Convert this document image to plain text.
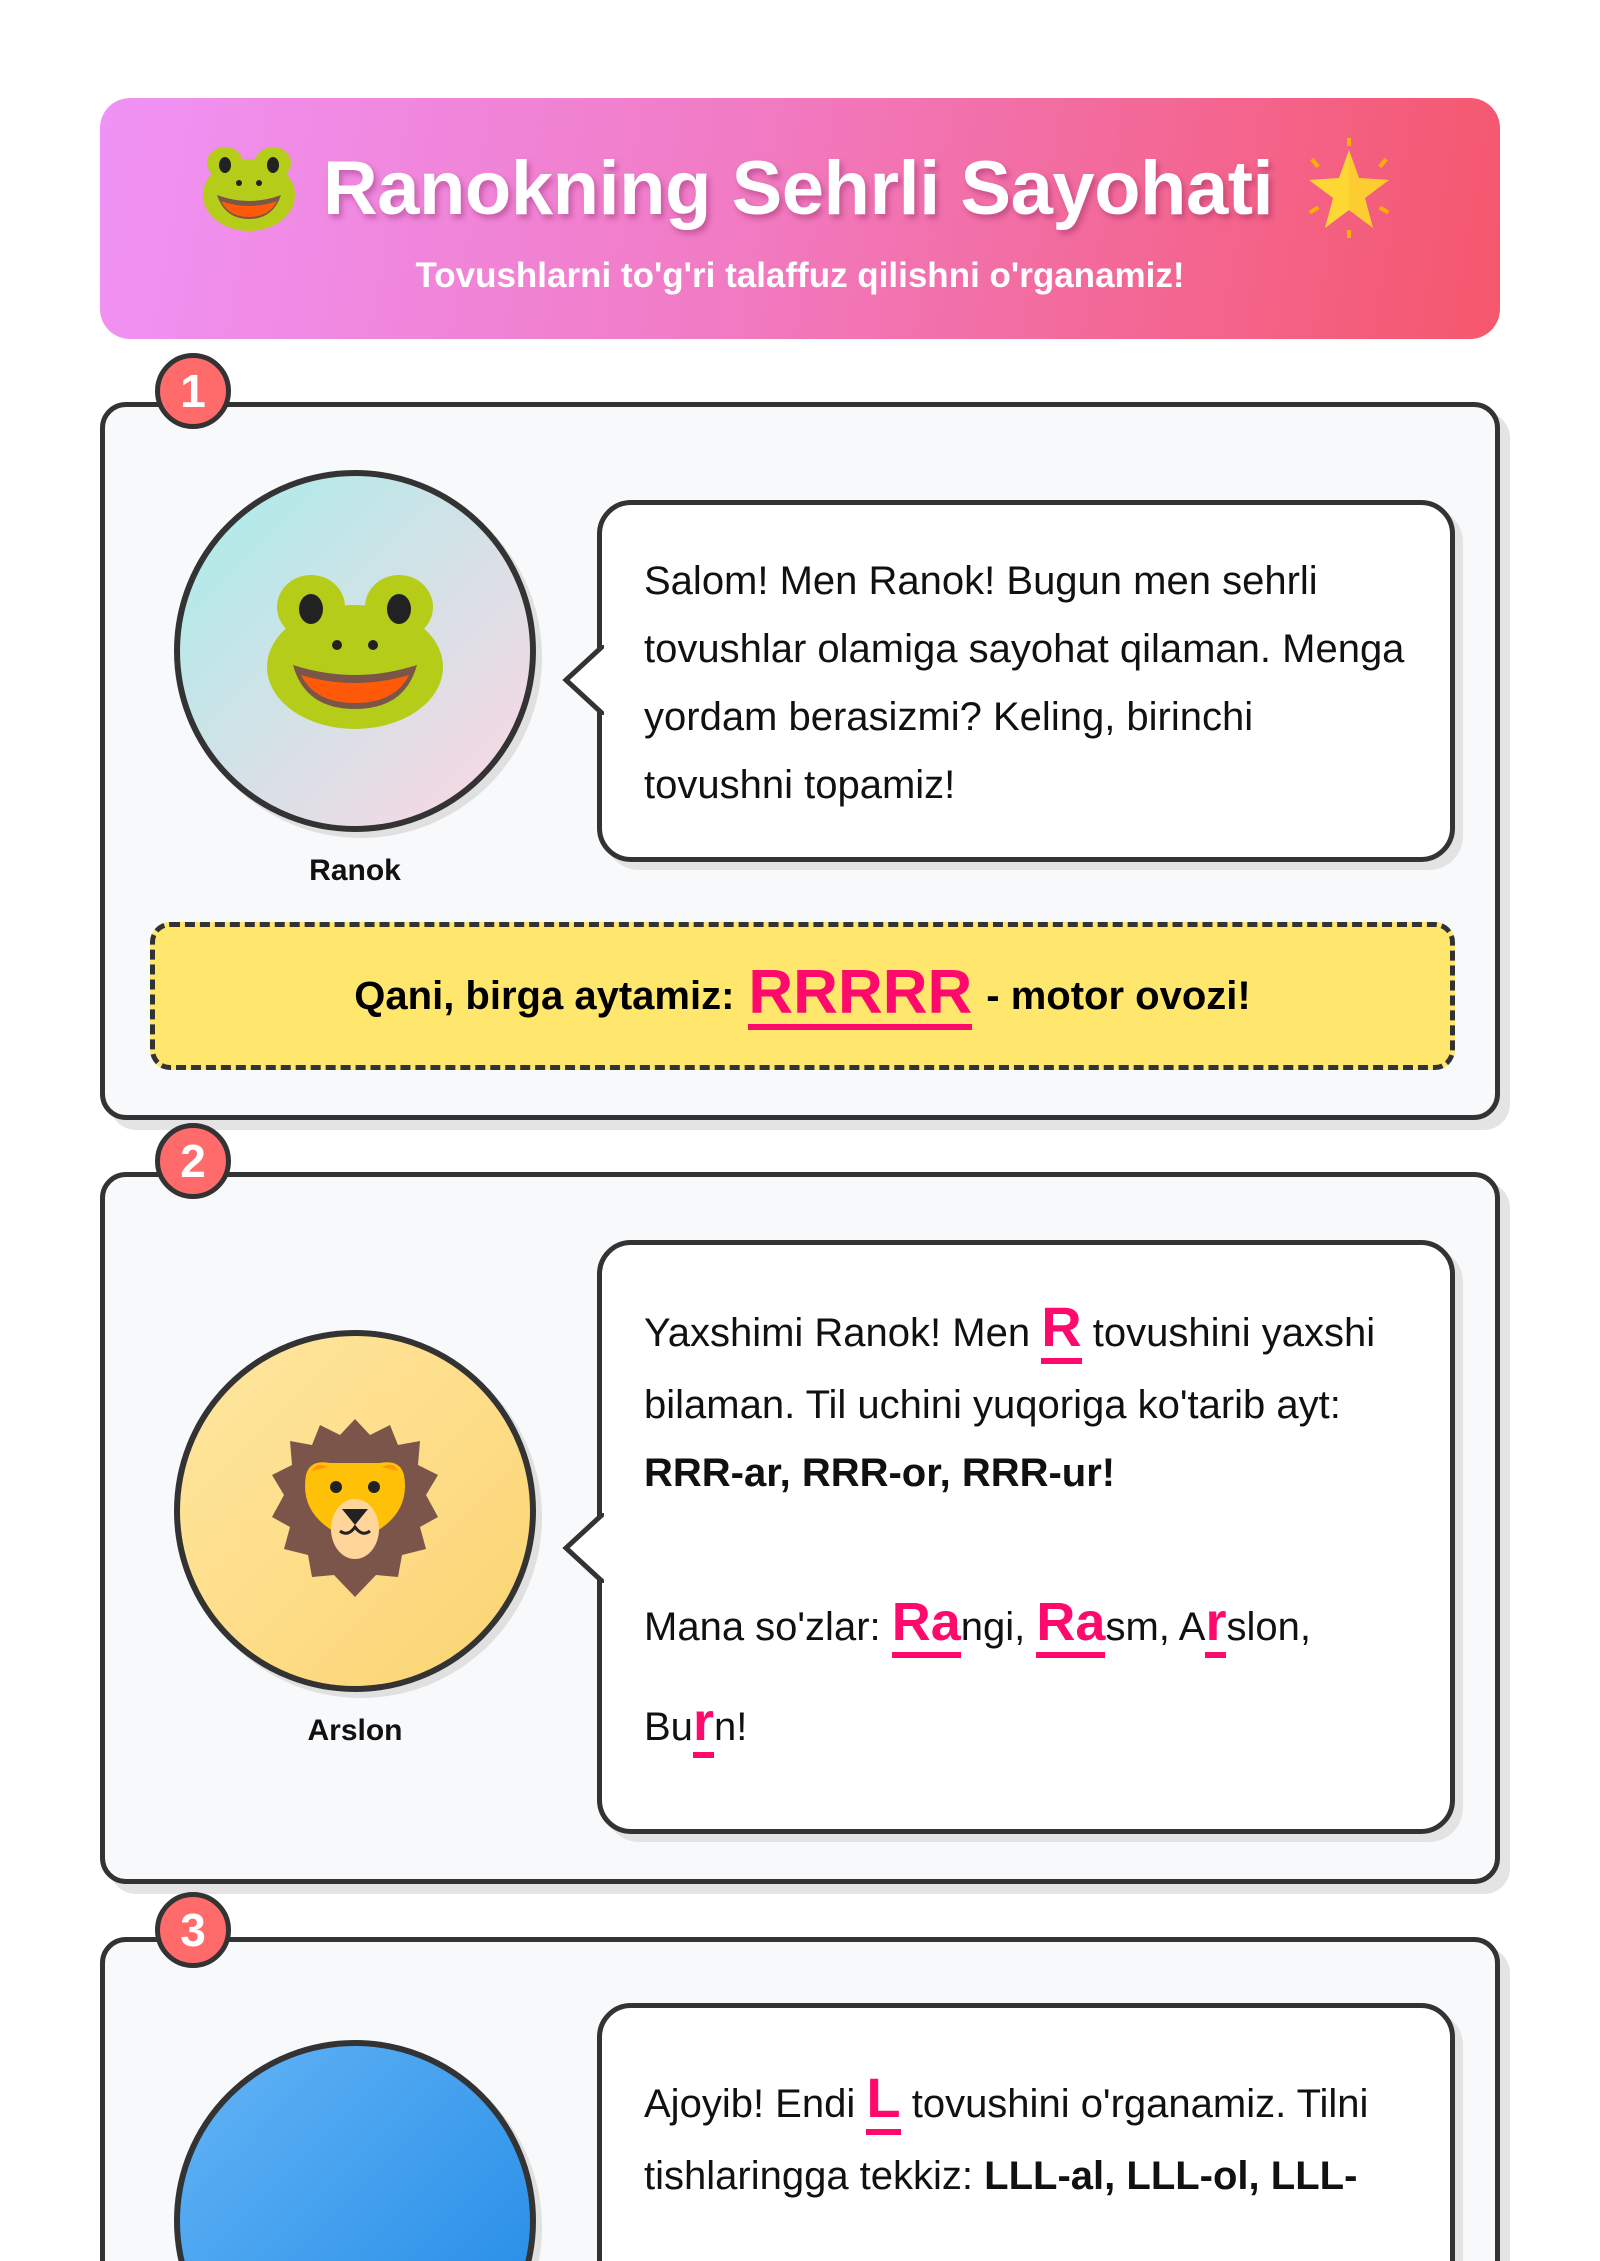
Ranokning Sehrli Sayohati
Tovushlarni to'g'ri talaffuz qilishni o'rganamiz!
1
Ranok
Salom! Men Ranok! Bugun men sehrli tovushlar olamiga sayohat qilaman. Menga yordam berasizmi? Keling, birinchi tovushni topamiz!
Qani, birga aytamiz: RRRRR - motor ovozi!
2
Arslon
Yaxshimi Ranok! Men R tovushini yaxshi bilaman. Til uchini yuqoriga ko'tarib ayt:
RRR-ar, RRR-or, RRR-ur!
Mana so'zlar: Rangi, Rasm, Arslon, Burn!
3
Ajoyib! Endi L tovushini o'rganamiz. Tilni tishlaringga tekkiz: LLL-al, LLL-ol, LLL-
